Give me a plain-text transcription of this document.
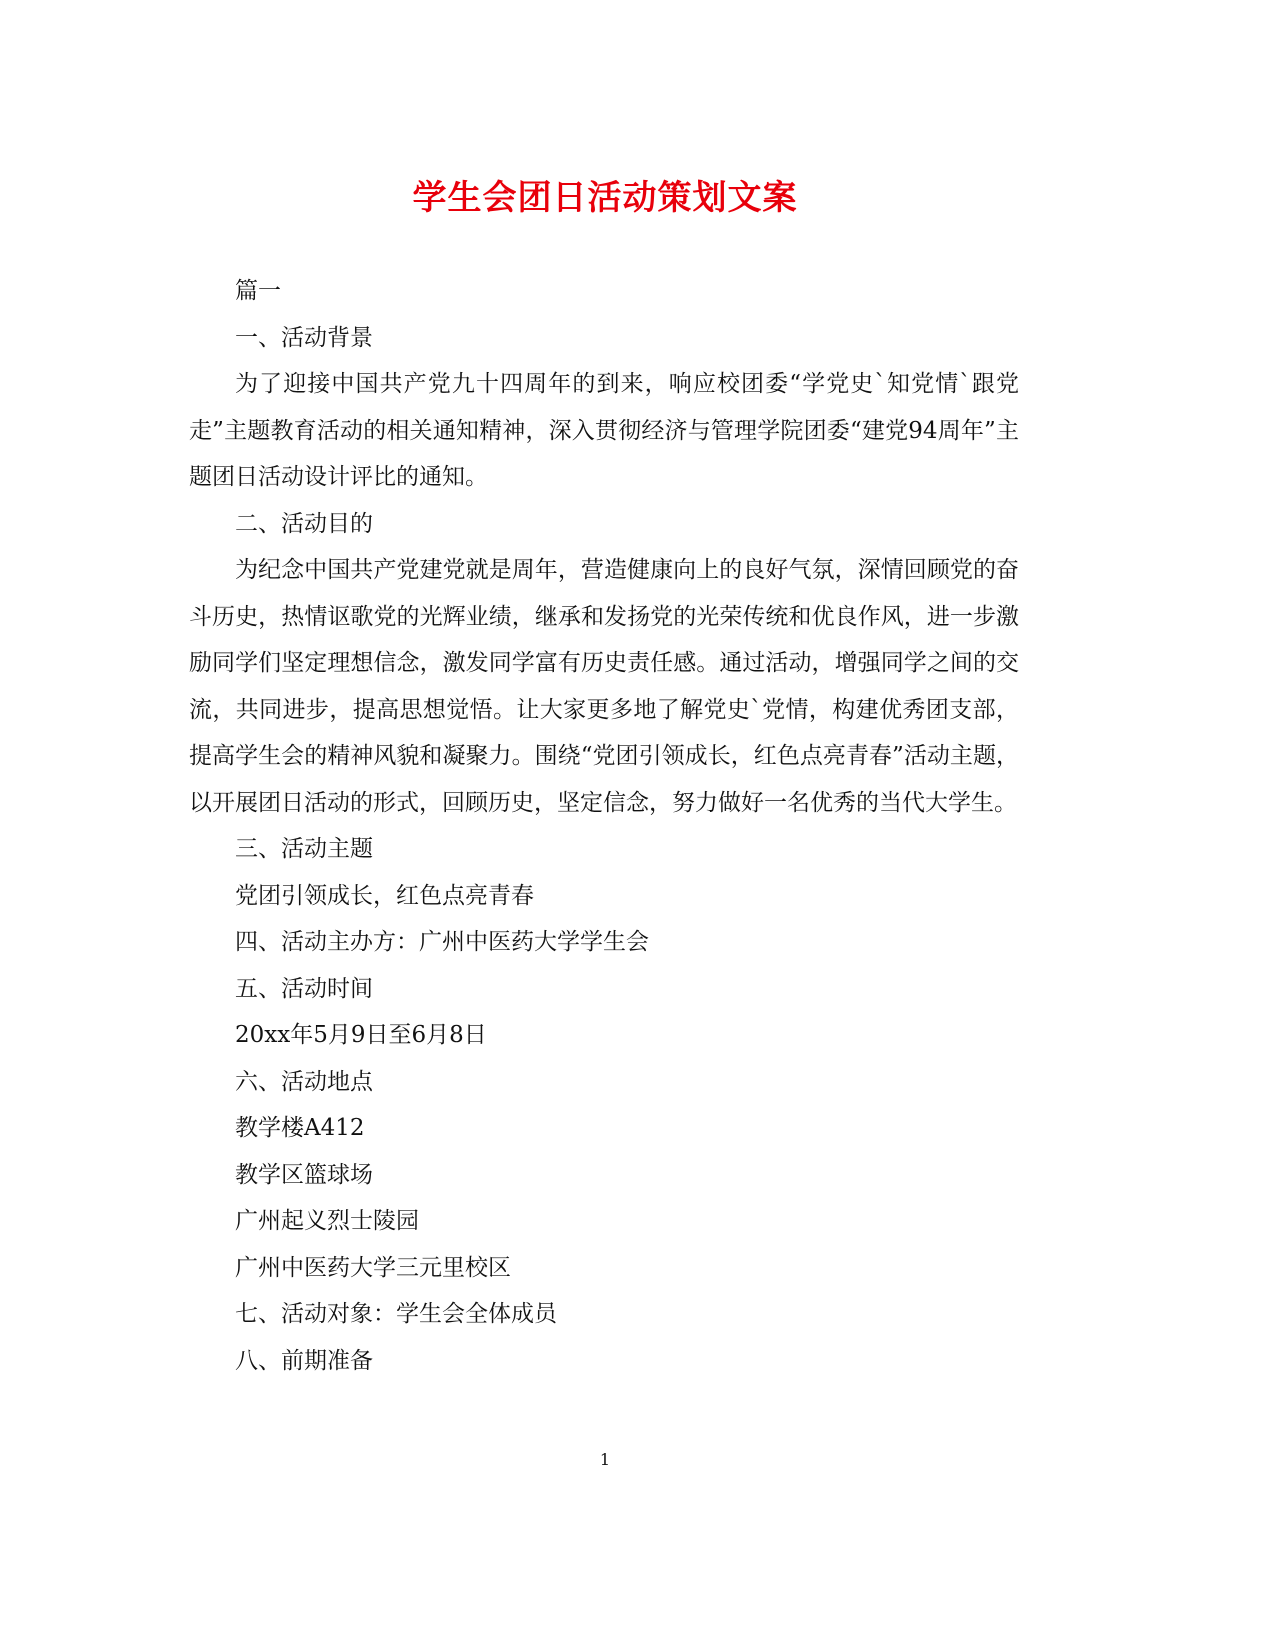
学生会团日活动策划文案

篇一

一、活动背景

为了迎接中国共产党九十四周年的到来，响应校团委“学党史`知党情`跟党走”主题教育活动的相关通知精神，深入贯彻经济与管理学院团委“建党94周年”主题团日活动设计评比的通知。

二、活动目的

为纪念中国共产党建党就是周年，营造健康向上的良好气氛，深情回顾党的奋斗历史，热情讴歌党的光辉业绩，继承和发扬党的光荣传统和优良作风，进一步激励同学们坚定理想信念，激发同学富有历史责任感。通过活动，增强同学之间的交流，共同进步，提高思想觉悟。让大家更多地了解党史`党情，构建优秀团支部，提高学生会的精神风貌和凝聚力。围绕“党团引领成长，红色点亮青春”活动主题，以开展团日活动的形式，回顾历史，坚定信念，努力做好一名优秀的当代大学生。

三、活动主题

党团引领成长，红色点亮青春

四、活动主办方：广州中医药大学学生会

五、活动时间

20xx年5月9日至6月8日

六、活动地点

教学楼A412

教学区篮球场

广州起义烈士陵园

广州中医药大学三元里校区

七、活动对象：学生会全体成员

八、前期准备

1
